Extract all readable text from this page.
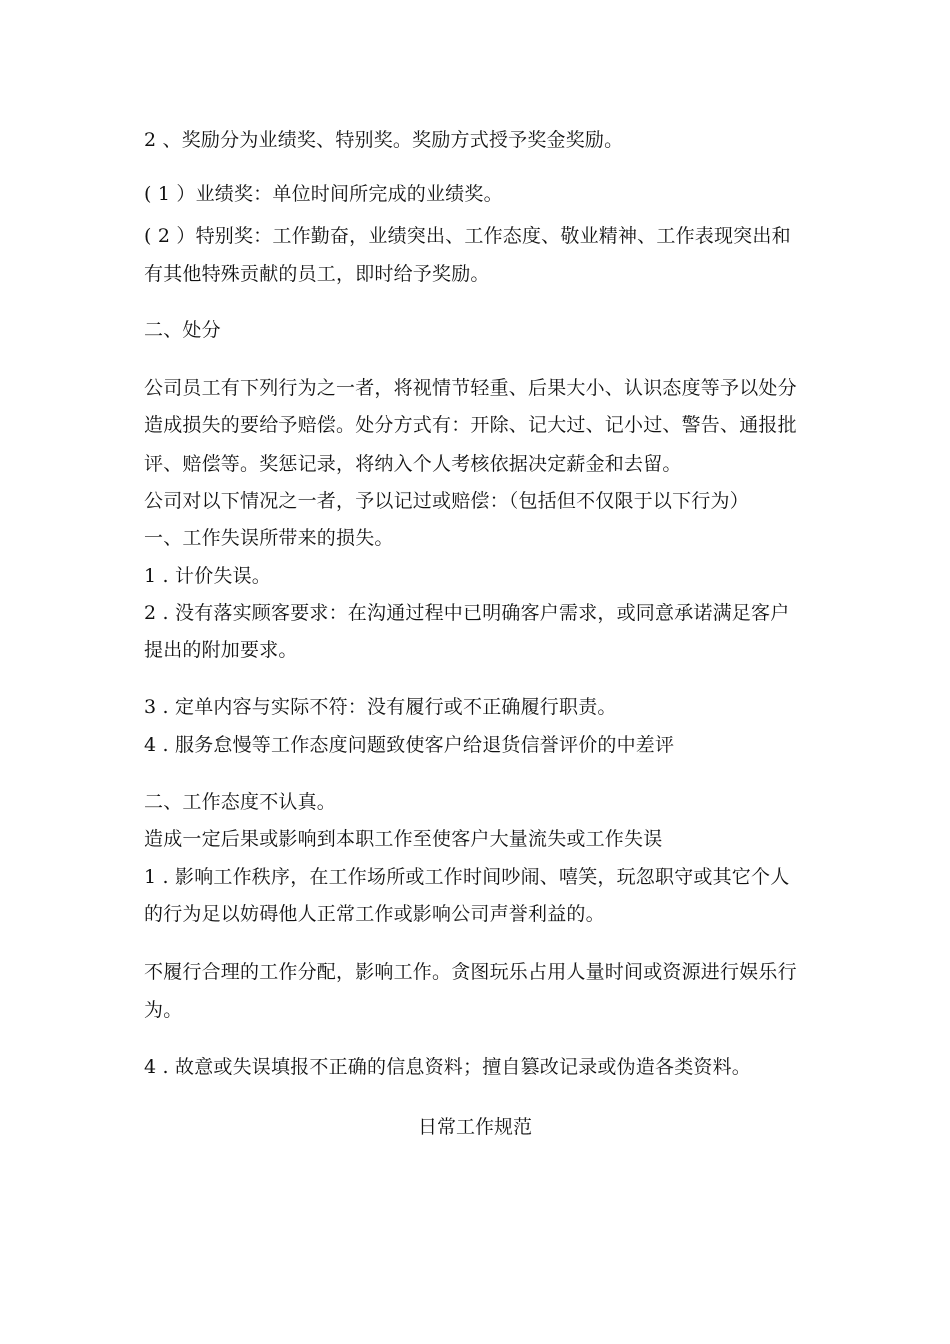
2 、奖励分为业绩奖、特别奖。奖励方式授予奖金奖励。
( 1 ）业绩奖：单位时间所完成的业绩奖。
( 2 ）特别奖：工作勤奋，业绩突出、工作态度、敬业精神、工作表现突出和
有其他特殊贡献的员工，即时给予奖励。
二、处分
公司员工有下列行为之一者，将视情节轻重、后果大小、认识态度等予以处分
造成损失的要给予赔偿。处分方式有：开除、记大过、记小过、警告、通报批
评、赔偿等。奖惩记录，将纳入个人考核依据决定薪金和去留。
公司对以下情况之一者，予以记过或赔偿：（包括但不仅限于以下行为）
一、工作失误所带来的损失。
1 . 计价失误。
2 . 没有落实顾客要求：在沟通过程中已明确客户需求，或同意承诺满足客户
提出的附加要求。
3 . 定单内容与实际不符：没有履行或不正确履行职责。
4 . 服务怠慢等工作态度问题致使客户给退货信誉评价的中差评
二、工作态度不认真。
造成一定后果或影响到本职工作至使客户大量流失或工作失误
1 . 影响工作秩序，在工作场所或工作时间吵闹、嘻笑，玩忽职守或其它个人
的行为足以妨碍他人正常工作或影响公司声誉利益的。
不履行合理的工作分配，影响工作。贪图玩乐占用人量时间或资源进行娱乐行
为。
4 . 故意或失误填报不正确的信息资料；擅自篡改记录或伪造各类资料。
日常工作规范
